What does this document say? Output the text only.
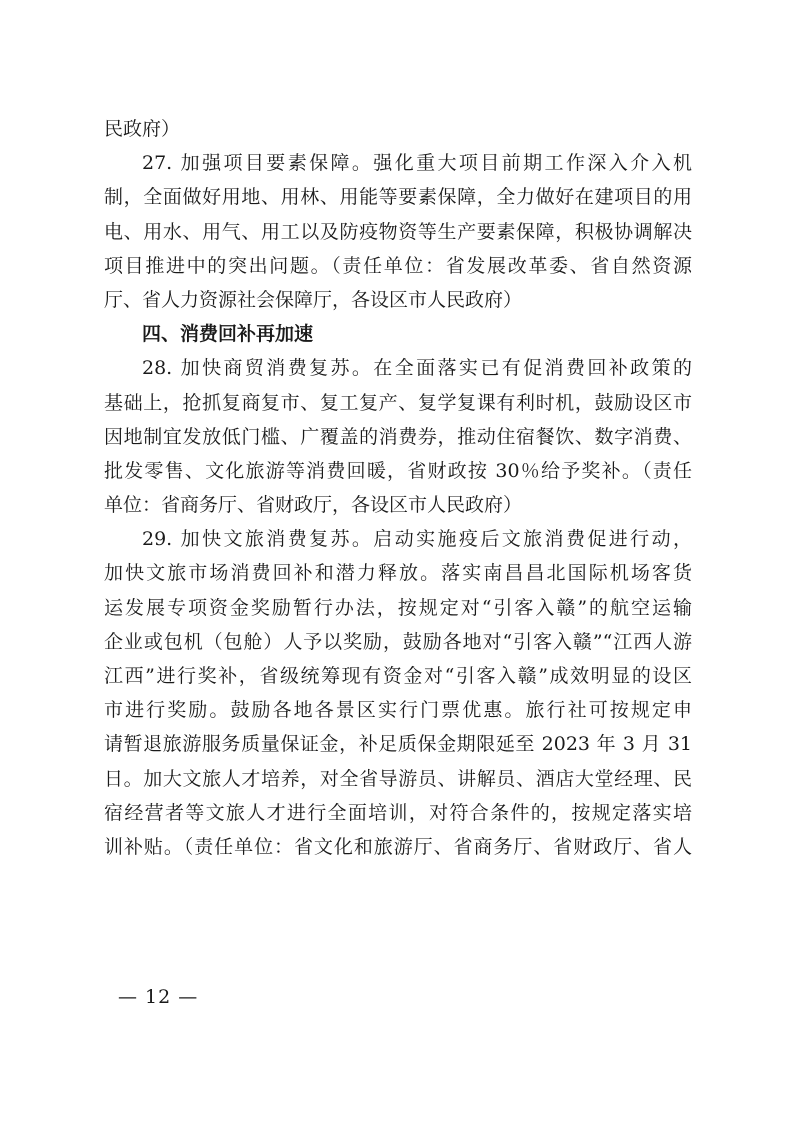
民政府）
27. 加强项目要素保障。强化重大项目前期工作深入介入机
制，全面做好用地、用林、用能等要素保障，全力做好在建项目的用
电、用水、用气、用工以及防疫物资等生产要素保障，积极协调解决
项目推进中的突出问题。（责任单位：省发展改革委、省自然资源
厅、省人力资源社会保障厅，各设区市人民政府）
四、消费回补再加速
28. 加快商贸消费复苏。在全面落实已有促消费回补政策的
基础上，抢抓复商复市、复工复产、复学复课有利时机，鼓励设区市
因地制宜发放低门槛、广覆盖的消费券，推动住宿餐饮、数字消费、
批发零售、文化旅游等消费回暖，省财政按 30％给予奖补。（责任
单位：省商务厅、省财政厅，各设区市人民政府）
29. 加快文旅消费复苏。启动实施疫后文旅消费促进行动，
加快文旅市场消费回补和潜力释放。落实南昌昌北国际机场客货
运发展专项资金奖励暂行办法，按规定对“引客入赣”的航空运输
企业或包机（包舱）人予以奖励，鼓励各地对“引客入赣”“江西人游
江西”进行奖补，省级统筹现有资金对“引客入赣”成效明显的设区
市进行奖励。鼓励各地各景区实行门票优惠。旅行社可按规定申
请暂退旅游服务质量保证金，补足质保金期限延至 2023 年 3 月 31
日。加大文旅人才培养，对全省导游员、讲解员、酒店大堂经理、民
宿经营者等文旅人才进行全面培训，对符合条件的，按规定落实培
训补贴。（责任单位：省文化和旅游厅、省商务厅、省财政厅、省人
— 12 —
